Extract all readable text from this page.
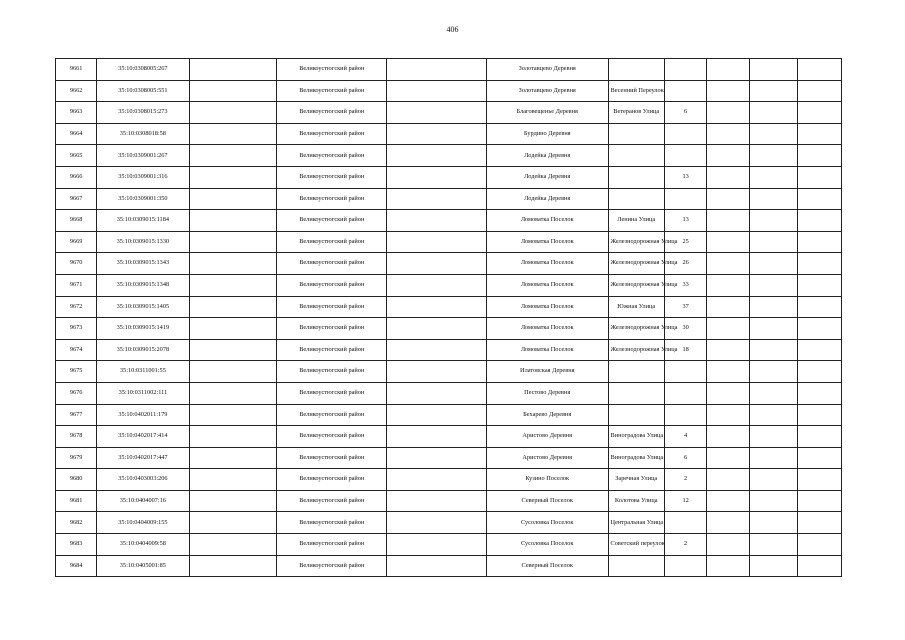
406
9661	35:10:0308005:267		Великоустюгский район		Золотавцево Деревня					
9662	35:10:0308005:551		Великоустюгский район		Золотавцево Деревня	Весенний Переулок				
9663	35:10:0308015:273		Великоустюгский район		Благовещенье Деревня	Ветеранов Улица	6			
9664	35:10:0308018:58		Великоустюгский район		Бурдино Деревня					
9665	35:10:0309001:267		Великоустюгский район		Лодейка Деревня					
9666	35:10:0309001:316		Великоустюгский район		Лодейка Деревня		13			
9667	35:10:0309001:350		Великоустюгский район		Лодейка Деревня					
9668	35:10:0309015:1184		Великоустюгский район		Ломоватка Поселок	Ленина Улица	13			
9669	35:10:0309015:1330		Великоустюгский район		Ломоватка Поселок	Железнодорожная Улица	25			
9670	35:10:0309015:1343		Великоустюгский район		Ломоватка Поселок	Железнодорожная Улица	26			
9671	35:10:0309015:1348		Великоустюгский район		Ломоватка Поселок	Железнодорожная Улица	33			
9672	35:10:0309015:1405		Великоустюгский район		Ломоватка Поселок	Южная Улица	37			
9673	35:10:0309015:1419		Великоустюгский район		Ломоватка Поселок	Железнодорожная Улица	30			
9674	35:10:0309015:2078		Великоустюгский район		Ломоватка Поселок	Железнодорожная Улица	18			
9675	35:10:0311001:55		Великоустюгский район		Илатовская Деревня					
9676	35:10:0311002:111		Великоустюгский район		Пестово Деревня					
9677	35:10:0402011:179		Великоустюгский район		Бехарево Деревня					
9678	35:10:0402017:414		Великоустюгский район		Аристово Деревня	Виноградова Улица	4			
9679	35:10:0402017:447		Великоустюгский район		Аристово Деревня	Виноградова Улица	6			
9680	35:10:0403003:206		Великоустюгский район		Кузино Поселок	Заречная Улица	2			
9681	35:10:0404007:16		Великоустюгский район		Северный Поселок	Колотова Улица	12			
9682	35:10:0404009:155		Великоустюгский район		Сусоловка Поселок	Центральная Улица				
9683	35:10:0404009:58		Великоустюгский район		Сусоловка Поселок	Советский переулок	2			
9684	35:10:0405001:85		Великоустюгский район		Северный Поселок					
